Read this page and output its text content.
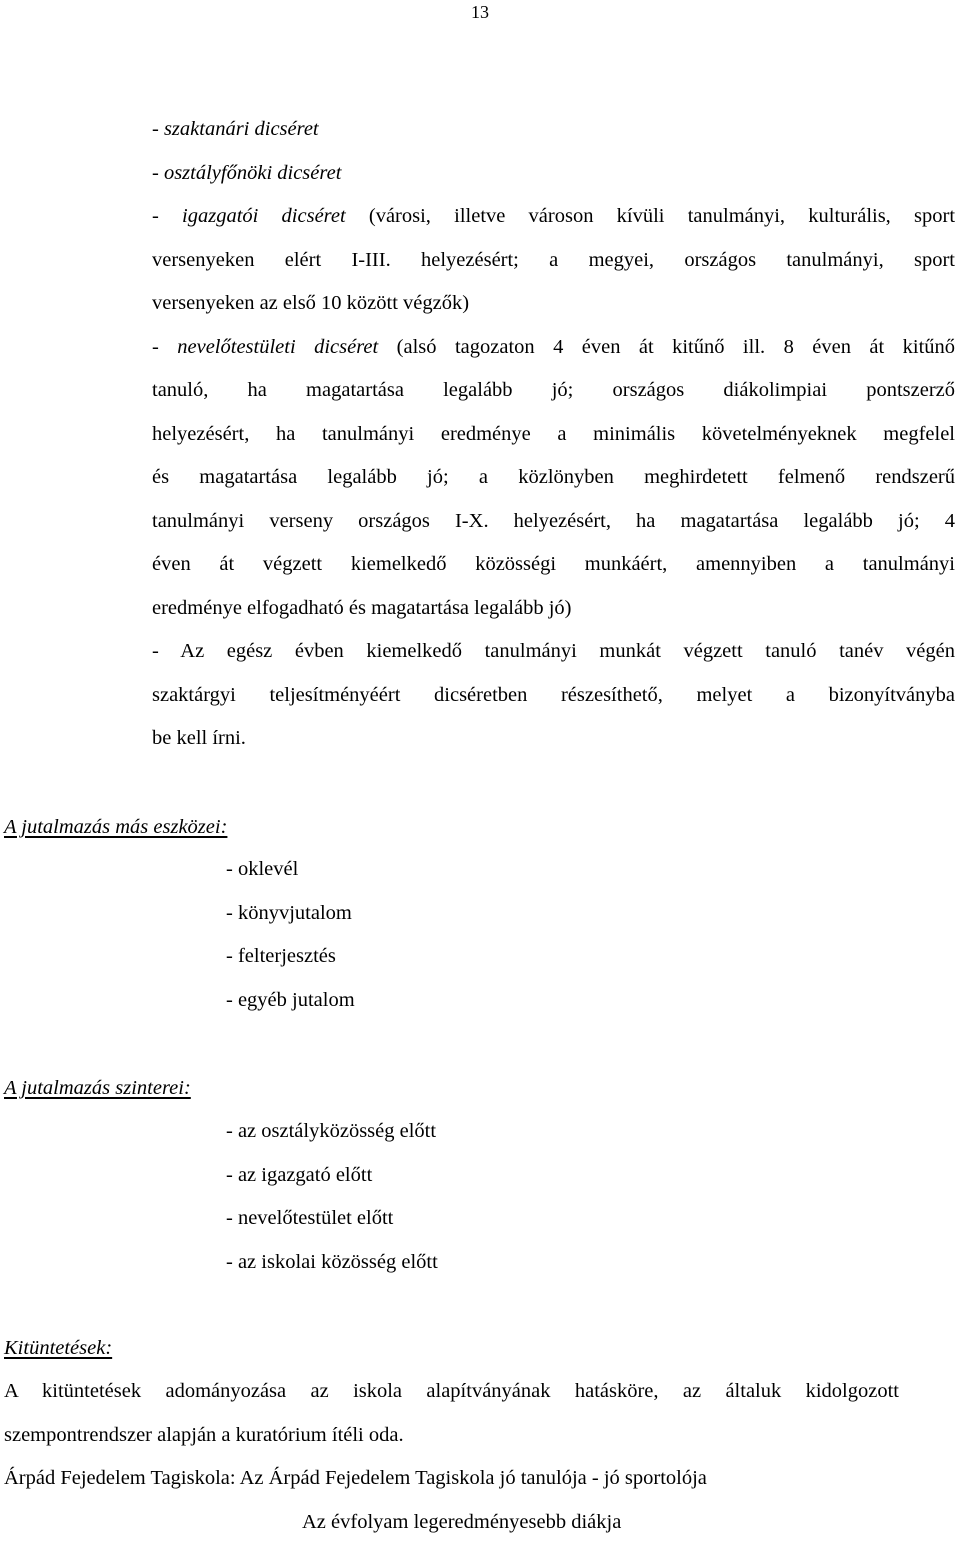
13
- szaktanári dicséret
- osztályfőnöki dicséret
- igazgatói dicséret (városi, illetve városon kívüli tanulmányi, kulturális, sport
versenyeken elért I-III. helyezésért; a megyei, országos tanulmányi, sport
versenyeken az első 10 között végzők)
- nevelőtestületi dicséret (alsó tagozaton 4 éven át kitűnő ill. 8 éven át kitűnő
tanuló, ha magatartása legalább jó; országos diákolimpiai pontszerző
helyezésért, ha tanulmányi eredménye a minimális követelményeknek megfelel
és magatartása legalább jó; a közlönyben meghirdetett felmenő rendszerű
tanulmányi verseny országos I-X. helyezésért, ha magatartása legalább jó; 4
éven át végzett kiemelkedő közösségi munkáért, amennyiben a tanulmányi
eredménye elfogadható és magatartása legalább jó)
- Az egész évben kiemelkedő tanulmányi munkát végzett tanuló tanév végén
szaktárgyi teljesítményéért dicséretben részesíthető, melyet a bizonyítványba
be kell írni.
A jutalmazás más eszközei:
- oklevél
- könyvjutalom
- felterjesztés
- egyéb jutalom
A jutalmazás szinterei:
- az osztályközösség előtt
- az igazgató előtt
- nevelőtestület előtt
- az iskolai közösség előtt
Kitüntetések:
A kitüntetések adományozása az iskola alapítványának hatásköre, az általuk kidolgozott
szempontrendszer alapján a kuratórium ítéli oda.
Árpád Fejedelem Tagiskola: Az Árpád Fejedelem Tagiskola jó tanulója - jó sportolója
Az évfolyam legeredményesebb diákja
